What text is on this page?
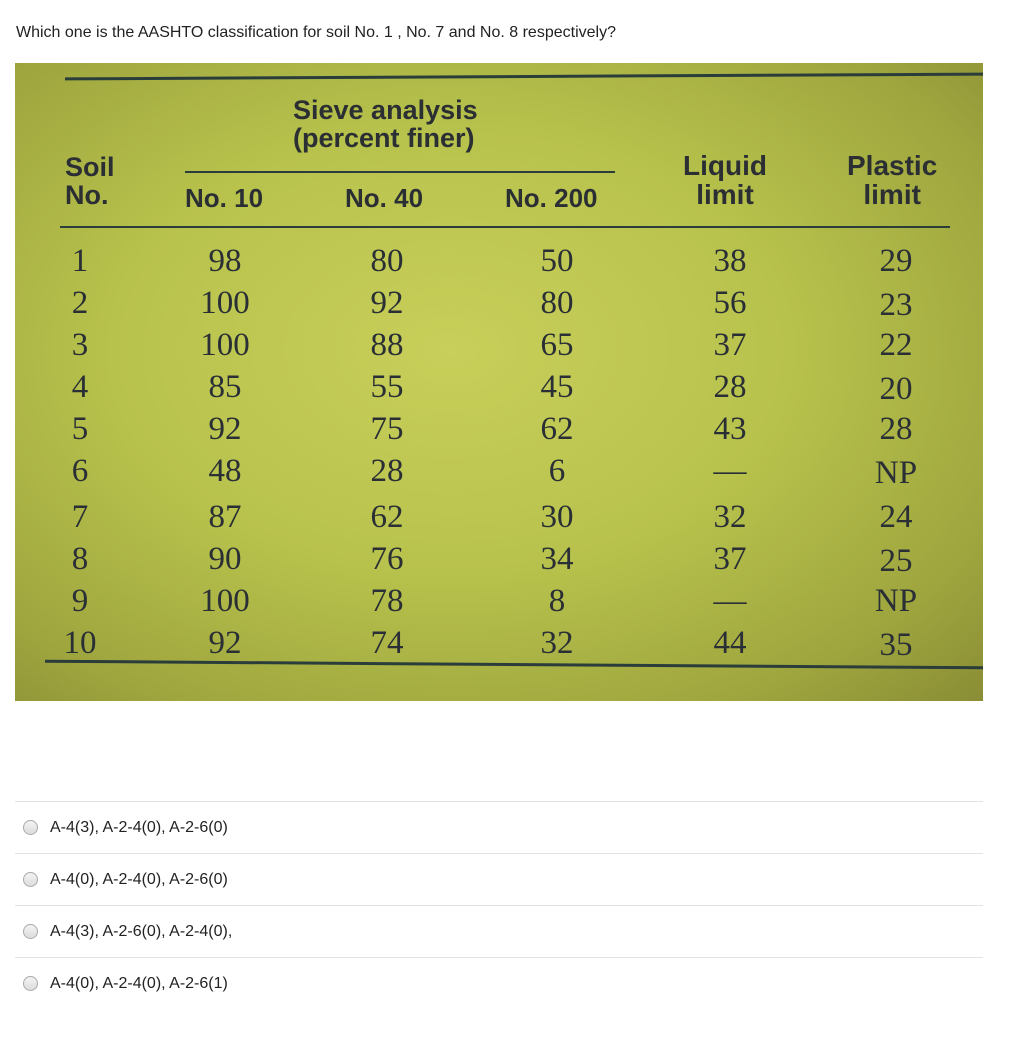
Which one is the AASHTO classification for soil No. 1 , No. 7 and No. 8 respectively?
Soil
No.
Sieve analysis
(percent finer)
No. 10	No. 40	No. 200
Liquid
limit
Plastic
limit
1	98	80	50	38	29
2	100	92	80	56	23
3	100	88	65	37	22
4	85	55	45	28	20
5	92	75	62	43	28
6	48	28	6	—	NP
7	87	62	30	32	24
8	90	76	34	37	25
9	100	78	8	—	NP
10	92	74	32	44	35
A-4(3), A-2-4(0), A-2-6(0)
A-4(0), A-2-4(0), A-2-6(0)
A-4(3), A-2-6(0), A-2-4(0),
A-4(0), A-2-4(0), A-2-6(1)
